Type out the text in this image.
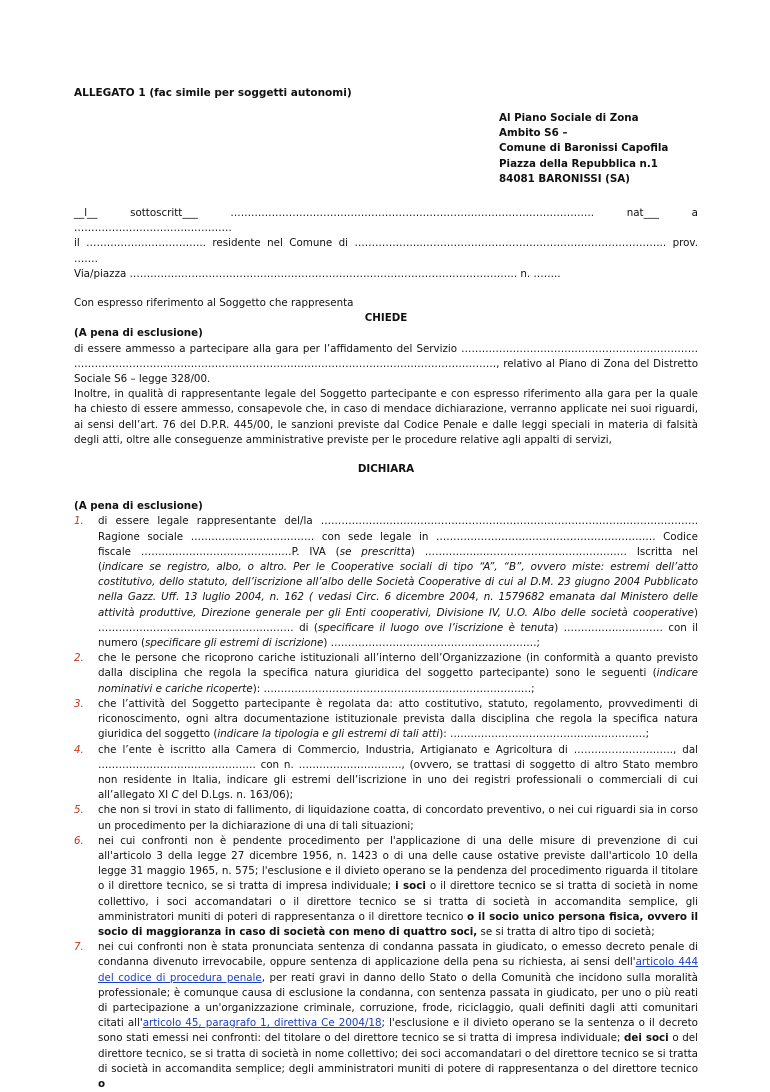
ALLEGATO 1 (fac simile per soggetti autonomi)
Al Piano Sociale di Zona
Ambito S6 –
Comune di Baronissi Capofila
Piazza della Repubblica n.1
84081 BARONISSI (SA)

__l__ sottoscritt___ ……………………………………………………………………………………………. nat___ a ……………………………………….

il …………………………….. residente nel Comune di ………………..…………………………………………………………….. prov. …….

Via/piazza ………………………………………………………………………………………………….. n. ……..

Con espresso riferimento al Soggetto che rappresenta

CHIEDE

(A pena di esclusione)

di essere ammesso a partecipare alla gara per l’affidamento del Servizio …………………………………………………………… ……………………………………………………………………………………………………………, relativo al Piano di Zona del Distretto Sociale S6 – legge 328/00.

Inoltre, in qualità di rappresentante legale del Soggetto partecipante e con espresso riferimento alla gara per la quale ha chiesto di essere ammesso, consapevole che, in caso di mendace dichiarazione, verranno applicate nei suoi riguardi, ai sensi dell’art. 76 del D.P.R. 445/00, le sanzioni previste dal Codice Penale e dalle leggi speciali in materia di falsità degli atti, oltre alle conseguenze amministrative previste per le procedure relative agli appalti di servizi,

DICHIARA

(A pena di esclusione)

1. di essere legale rappresentante del/la ……………………………………………………………………………………………….. Ragione sociale ……………………………… con sede legale in ………………………………………………………. Codice fiscale ………………………………..……P. IVA (se prescritta) ……………..…………………………………… Iscritta nel (indicare se registro, albo, o altro. Per le Cooperative sociali di tipo “A”, “B”, ovvero miste: estremi dell’atto costitutivo, dello statuto, dell’iscrizione all’albo delle Società Cooperative di cui al D.M. 23 giugno 2004 Pubblicato nella Gazz. Uff. 13 luglio 2004, n. 162 ( vedasi Circ. 6 dicembre 2004, n. 1579682 emanata dal Ministero delle attività produttive, Direzione generale per gli Enti cooperativi, Divisione IV, U.O. Albo delle società cooperative) ………………………………………………… di (specificare il luogo ove l’iscrizione è tenuta) ……………..………… con il numero (specificare gli estremi di iscrizione) ……………………………………………………;
2. che le persone che ricoprono cariche istituzionali all’interno dell’Organizzazione (in conformità a quanto previsto dalla disciplina che regola la specifica natura giuridica del soggetto partecipante) sono le seguenti (indicare nominativi e cariche ricoperte): ……………………………………………………………………;
3. che l’attività del Soggetto partecipante è regolata da: atto costitutivo, statuto, regolamento, provvedimenti di riconoscimento, ogni altra documentazione istituzionale prevista dalla disciplina che regola la specifica natura giuridica del soggetto (indicare la tipologia e gli estremi di tali atti): …………………………………………………;
4. che l’ente è iscritto alla Camera di Commercio, Industria, Artigianato e Agricoltura di ……………………….., dal ………………………………………. con n. …………………………, (ovvero, se trattasi di soggetto di altro Stato membro non residente in Italia, indicare gli estremi dell’iscrizione in uno dei registri professionali o commerciali di cui all’allegato XI C del D.Lgs. n. 163/06);
5. che non si trovi in stato di fallimento, di liquidazione coatta, di concordato preventivo, o nei cui riguardi sia in corso un procedimento per la dichiarazione di una di tali situazioni;
6. nei cui confronti non è pendente procedimento per l'applicazione di una delle misure di prevenzione di cui all'articolo 3 della legge 27 dicembre 1956, n. 1423 o di una delle cause ostative previste dall'articolo 10 della legge 31 maggio 1965, n. 575; l'esclusione e il divieto operano se la pendenza del procedimento riguarda il titolare o il direttore tecnico, se si tratta di impresa individuale; i soci o il direttore tecnico se si tratta di società in nome collettivo, i soci accomandatari o il direttore tecnico se si tratta di società in accomandita semplice, gli amministratori muniti di poteri di rappresentanza o il direttore tecnico o il socio unico persona fisica, ovvero il socio di maggioranza in caso di società con meno di quattro soci, se si tratta di altro tipo di società;
7. nei cui confronti non è stata pronunciata sentenza di condanna passata in giudicato, o emesso decreto penale di condanna divenuto irrevocabile, oppure sentenza di applicazione della pena su richiesta, ai sensi dell'articolo 444 del codice di procedura penale, per reati gravi in danno dello Stato o della Comunità che incidono sulla moralità professionale; è comunque causa di esclusione la condanna, con sentenza passata in giudicato, per uno o più reati di partecipazione a un'organizzazione criminale, corruzione, frode, riciclaggio, quali definiti dagli atti comunitari citati all'articolo 45, paragrafo 1, direttiva Ce 2004/18; l'esclusione e il divieto operano se la sentenza o il decreto sono stati emessi nei confronti: del titolare o del direttore tecnico se si tratta di impresa individuale; dei soci o del direttore tecnico, se si tratta di società in nome collettivo; dei soci accomandatari o del direttore tecnico se si tratta di società in accomandita semplice; degli amministratori muniti di potere di rappresentanza o del direttore tecnico o
